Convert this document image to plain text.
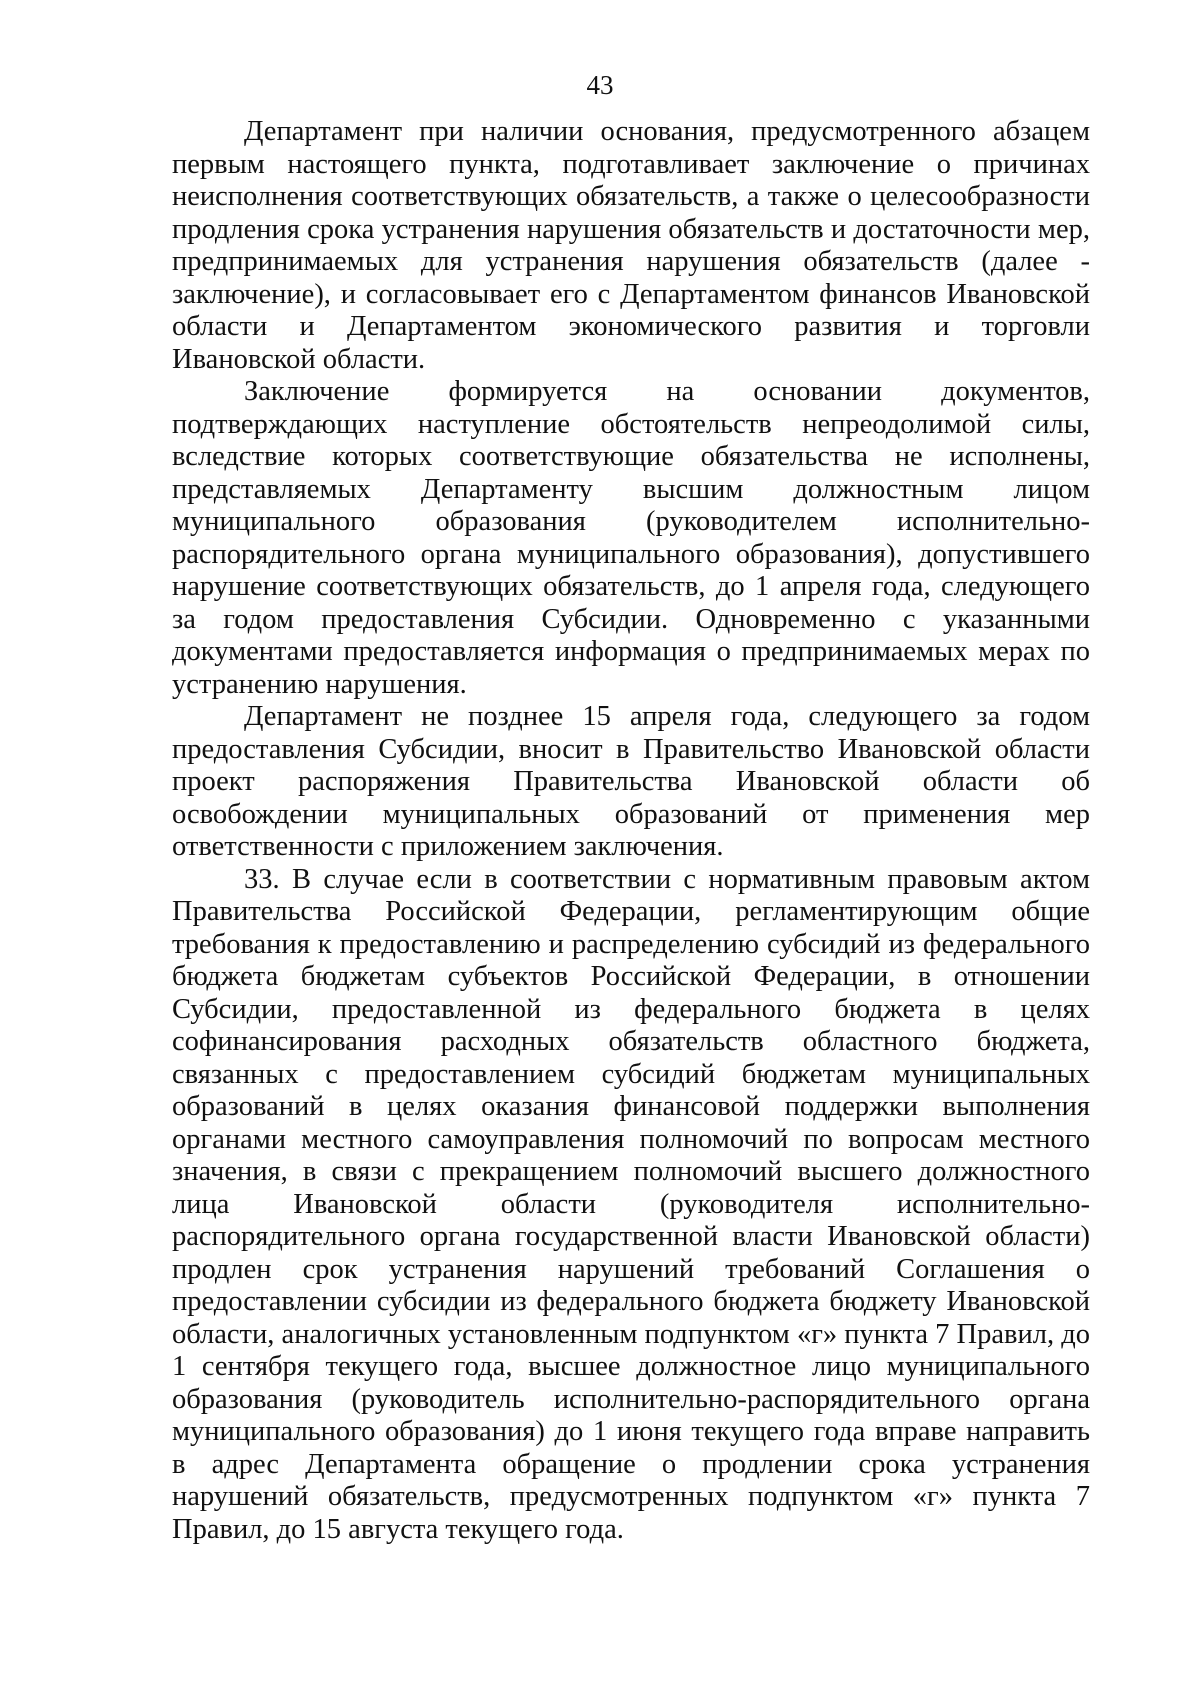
43

Департамент при наличии основания, предусмотренного абзацем первым настоящего пункта, подготавливает заключение о причинах неисполнения соответствующих обязательств, а также о целесообразности продления срока устранения нарушения обязательств и достаточности мер, предпринимаемых для устранения нарушения обязательств (далее - заключение), и согласовывает его с Департаментом финансов Ивановской области и Департаментом экономического развития и торговли Ивановской области.

Заключение формируется на основании документов, подтверждающих наступление обстоятельств непреодолимой силы, вследствие которых соответствующие обязательства не исполнены, представляемых Департаменту высшим должностным лицом муниципального образования (руководителем исполнительно-распорядительного органа муниципального образования), допустившего нарушение соответствующих обязательств, до 1 апреля года, следующего за годом предоставления Субсидии. Одновременно с указанными документами предоставляется информация о предпринимаемых мерах по устранению нарушения.

Департамент не позднее 15 апреля года, следующего за годом предоставления Субсидии, вносит в Правительство Ивановской области проект распоряжения Правительства Ивановской области об освобождении муниципальных образований от применения мер ответственности с приложением заключения.

33. В случае если в соответствии с нормативным правовым актом Правительства Российской Федерации, регламентирующим общие требования к предоставлению и распределению субсидий из федерального бюджета бюджетам субъектов Российской Федерации, в отношении Субсидии, предоставленной из федерального бюджета в целях софинансирования расходных обязательств областного бюджета, связанных с предоставлением субсидий бюджетам муниципальных образований в целях оказания финансовой поддержки выполнения органами местного самоуправления полномочий по вопросам местного значения, в связи с прекращением полномочий высшего должностного лица Ивановской области (руководителя исполнительно-распорядительного органа государственной власти Ивановской области) продлен срок устранения нарушений требований Соглашения о предоставлении субсидии из федерального бюджета бюджету Ивановской области, аналогичных установленным подпунктом «г» пункта 7 Правил, до 1 сентября текущего года, высшее должностное лицо муниципального образования (руководитель исполнительно-распорядительного органа муниципального образования) до 1 июня текущего года вправе направить в адрес Департамента обращение о продлении срока устранения нарушений обязательств, предусмотренных подпунктом «г» пункта 7 Правил, до 15 августа текущего года.
